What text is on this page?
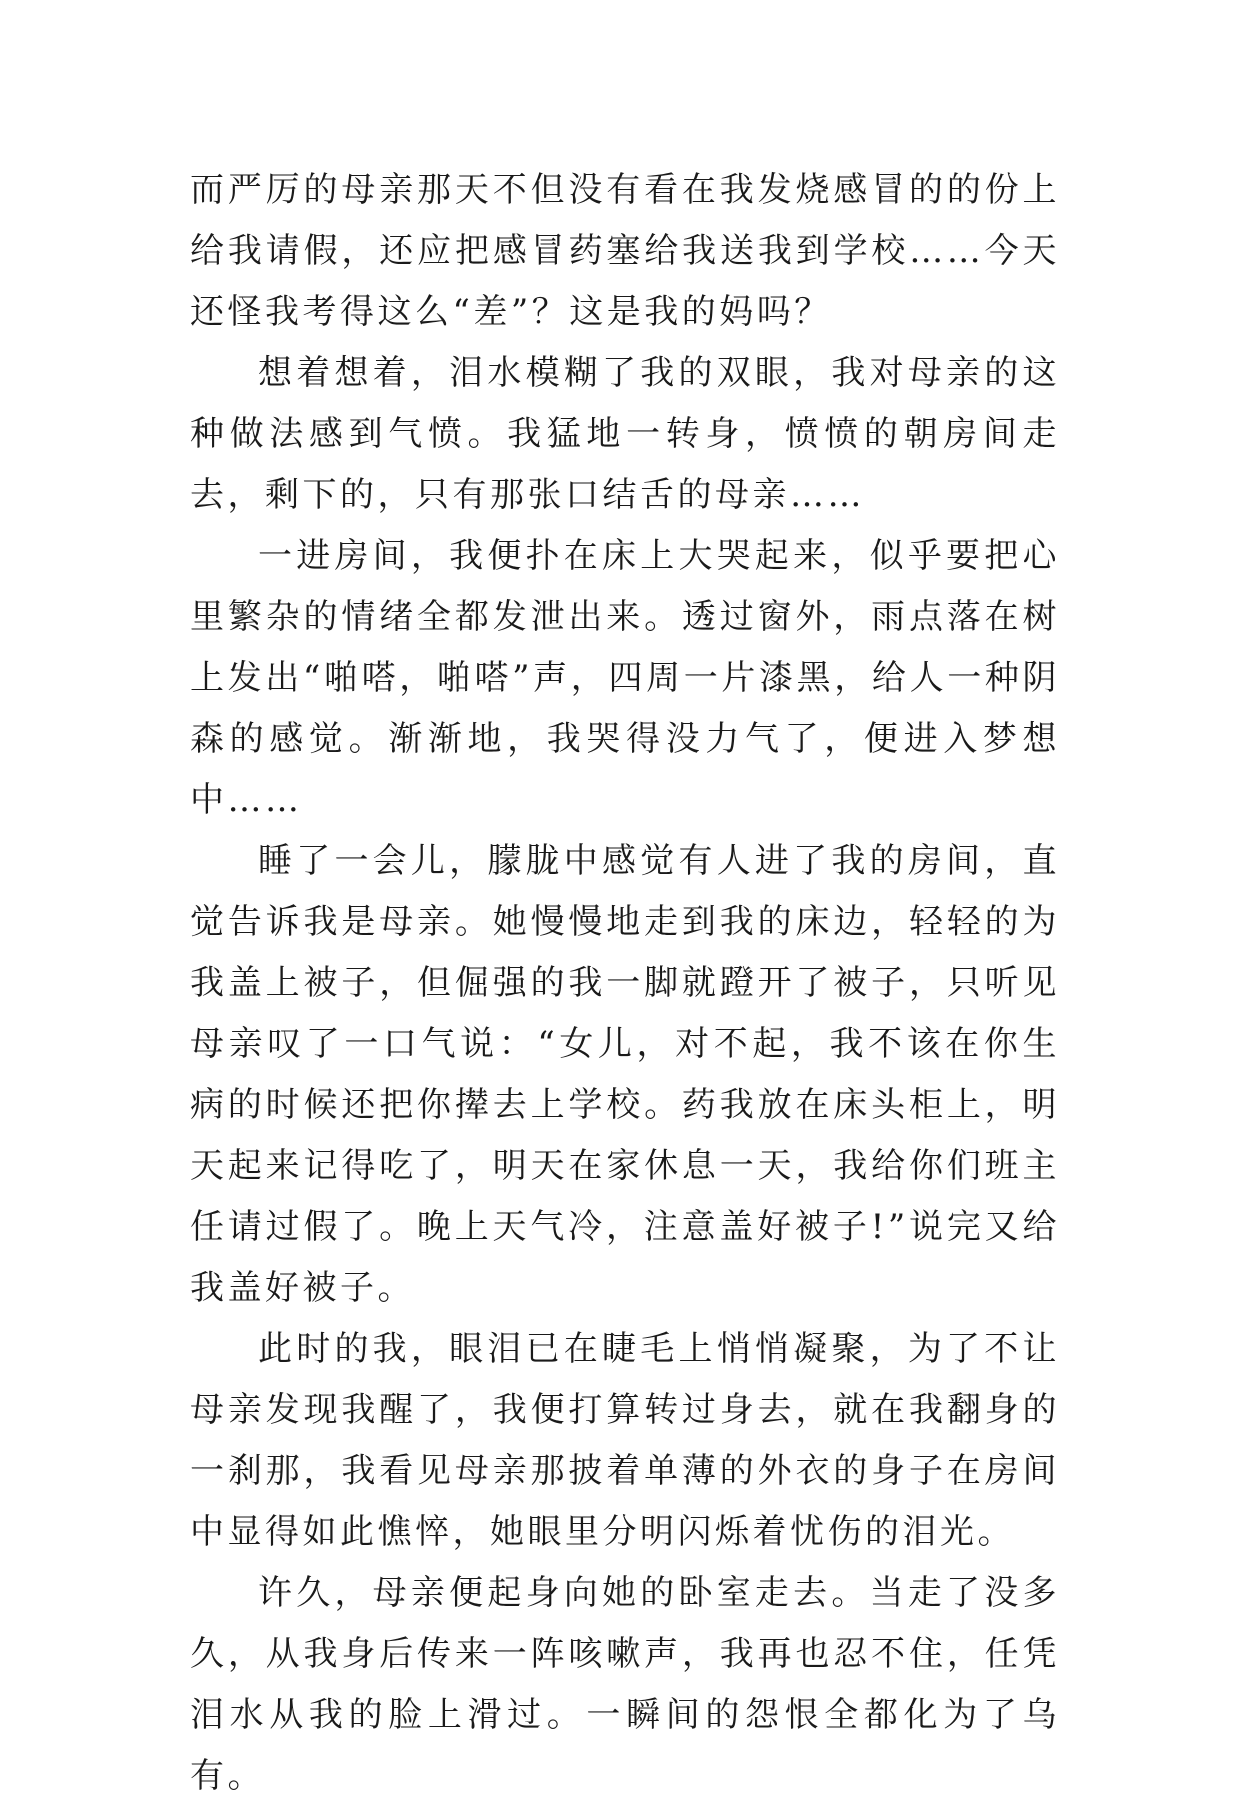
而严厉的母亲那天不但没有看在我发烧感冒的的份上给我请假，还应把感冒药塞给我送我到学校……今天还怪我考得这么“差”？这是我的妈吗？

想着想着，泪水模糊了我的双眼，我对母亲的这种做法感到气愤。我猛地一转身，愤愤的朝房间走去，剩下的，只有那张口结舌的母亲……

一进房间，我便扑在床上大哭起来，似乎要把心里繁杂的情绪全都发泄出来。透过窗外，雨点落在树上发出“啪嗒，啪嗒”声，四周一片漆黑，给人一种阴森的感觉。渐渐地，我哭得没力气了，便进入梦想中……

睡了一会儿，朦胧中感觉有人进了我的房间，直觉告诉我是母亲。她慢慢地走到我的床边，轻轻的为我盖上被子，但倔强的我一脚就蹬开了被子，只听见母亲叹了一口气说：“女儿，对不起，我不该在你生病的时候还把你撵去上学校。药我放在床头柜上，明天起来记得吃了，明天在家休息一天，我给你们班主任请过假了。晚上天气冷，注意盖好被子!”说完又给我盖好被子。

此时的我，眼泪已在睫毛上悄悄凝聚，为了不让母亲发现我醒了，我便打算转过身去，就在我翻身的一刹那，我看见母亲那披着单薄的外衣的身子在房间中显得如此憔悴，她眼里分明闪烁着忧伤的泪光。

许久，母亲便起身向她的卧室走去。当走了没多久，从我身后传来一阵咳嗽声，我再也忍不住，任凭泪水从我的脸上滑过。一瞬间的怨恨全都化为了乌有。
